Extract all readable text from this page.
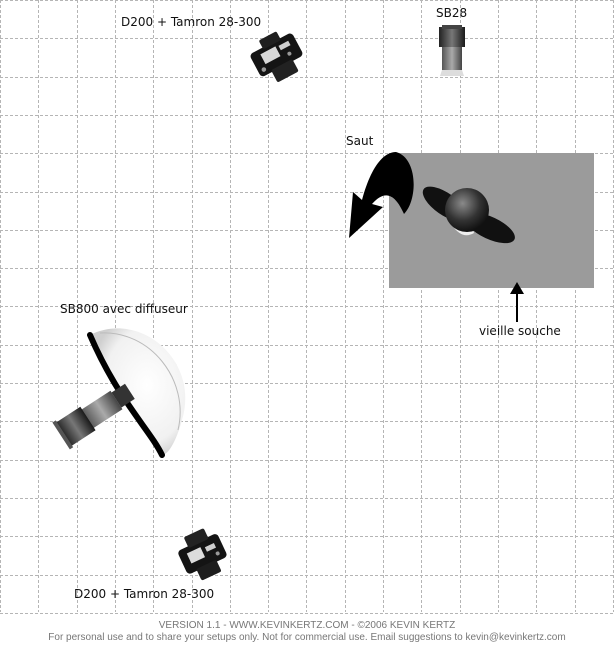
D200 + Tamron 28-300
SB28
Saut
SB800 avec diffuseur
vieille souche
D200 + Tamron 28-300
VERSION 1.1 - WWW.KEVINKERTZ.COM - ©2006 KEVIN KERTZ
For personal use and to share your setups only. Not for commercial use. Email suggestions to kevin@kevinkertz.com
